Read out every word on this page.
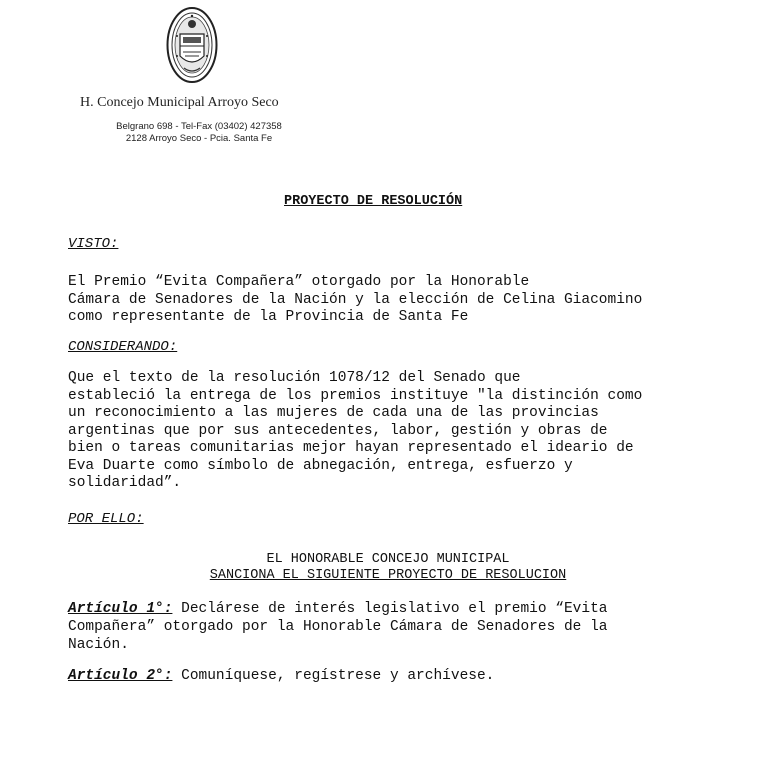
H. Concejo Municipal Arroyo Seco
Belgrano 698 - Tel-Fax (03402) 427358
2128 Arroyo Seco - Pcia. Santa Fe
PROYECTO DE RESOLUCIÓN
VISTO:
El Premio “Evita Compañera” otorgado por la Honorable
Cámara de Senadores de la Nación y la elección de Celina Giacomino
como representante de la Provincia de Santa Fe
CONSIDERANDO:
Que el texto de la resolución 1078/12 del Senado que
estableció la entrega de los premios instituye "la distinción como
un reconocimiento a las mujeres de cada una de las provincias
argentinas que por sus antecedentes, labor, gestión y obras de
bien o tareas comunitarias mejor hayan representado el ideario de
Eva Duarte como símbolo de abnegación, entrega, esfuerzo y
solidaridad”.
POR ELLO:
EL HONORABLE CONCEJO MUNICIPAL
SANCIONA EL SIGUIENTE PROYECTO DE RESOLUCION
Artículo 1°: Declárese de interés legislativo el premio “Evita
Compañera” otorgado por la Honorable Cámara de Senadores de la
Nación.
Artículo 2°: Comuníquese, regístrese y archívese.
